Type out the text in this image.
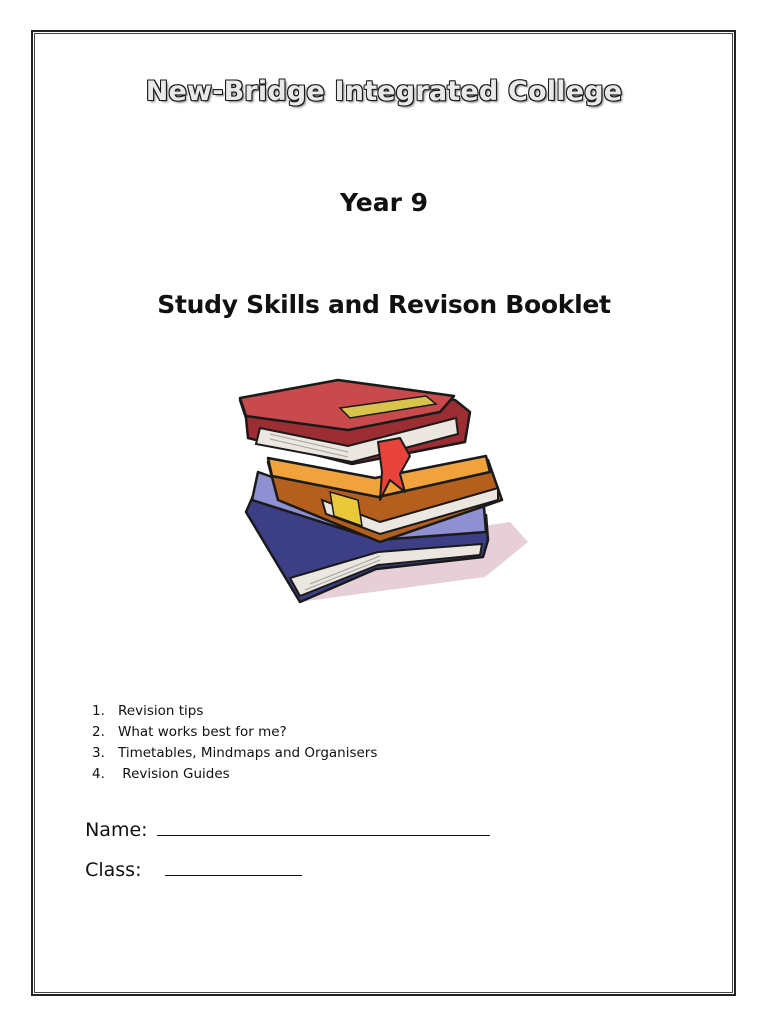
New-Bridge Integrated College
Year 9
Study Skills and Revison Booklet
1. Revision tips
2. What works best for me?
3. Timetables, Mindmaps and Organisers
4. Revision Guides

Name:

Class:
